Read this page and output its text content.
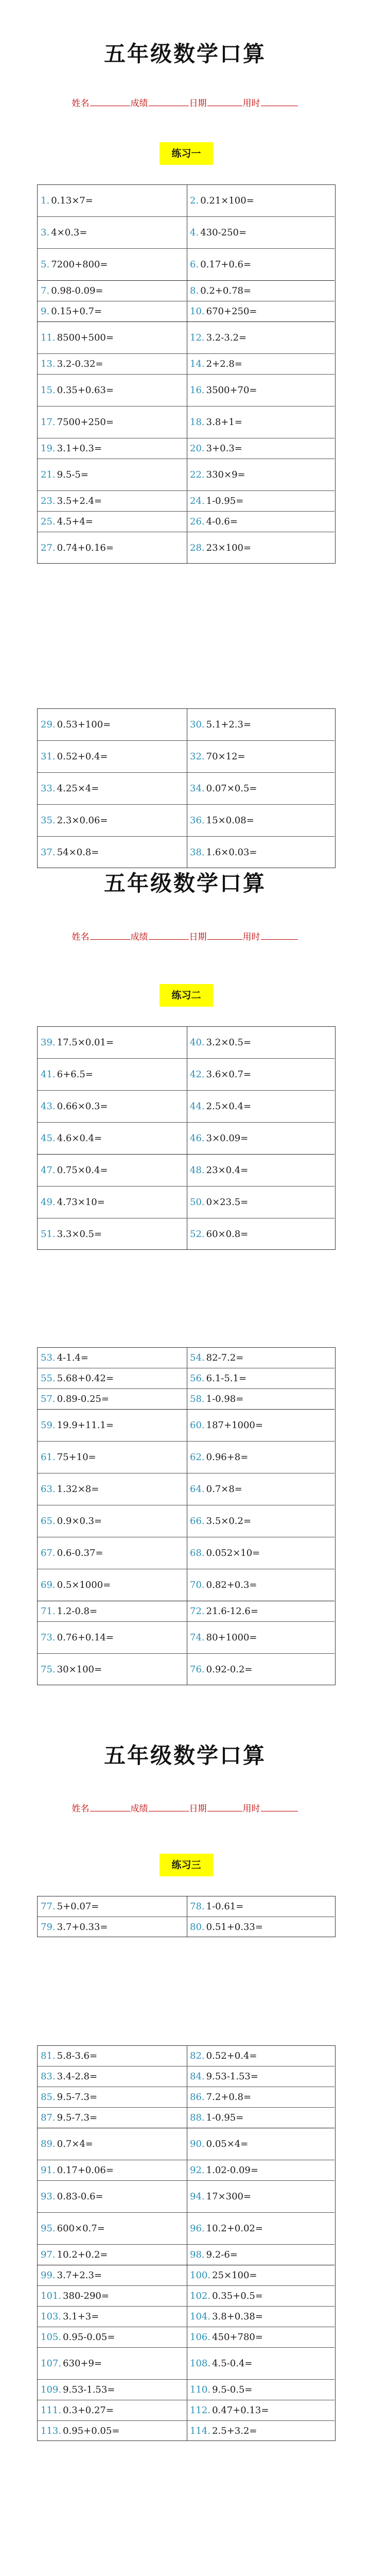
五年级数学口算
姓名	成绩	日期	用时
练习一
1. 0.13×7=	2. 0.21×100=
3. 4×0.3=	4. 430-250=
5. 7200+800=	6. 0.17+0.6=
7. 0.98-0.09=	8. 0.2+0.78=
9. 0.15+0.7=	10. 670+250=
11. 8500+500=	12. 3.2-3.2=
13. 3.2-0.32=	14. 2+2.8=
15. 0.35+0.63=	16. 3500+70=
17. 7500+250=	18. 3.8+1=
19. 3.1+0.3=	20. 3+0.3=
21. 9.5-5=	22. 330×9=
23. 3.5+2.4=	24. 1-0.95=
25. 4.5+4=	26. 4-0.6=
27. 0.74+0.16=	28. 23×100=
29. 0.53+100=	30. 5.1+2.3=
31. 0.52+0.4=	32. 70×12=
33. 4.25×4=	34. 0.07×0.5=
35. 2.3×0.06=	36. 15×0.08=
37. 54×0.8=	38. 1.6×0.03=
五年级数学口算
姓名	成绩	日期	用时
练习二
39. 17.5×0.01=	40. 3.2×0.5=
41. 6+6.5=	42. 3.6×0.7=
43. 0.66×0.3=	44. 2.5×0.4=
45. 4.6×0.4=	46. 3×0.09=
47. 0.75×0.4=	48. 23×0.4=
49. 4.73×10=	50. 0×23.5=
51. 3.3×0.5=	52. 60×0.8=
53. 4-1.4=	54. 82-7.2=
55. 5.68+0.42=	56. 6.1-5.1=
57. 0.89-0.25=	58. 1-0.98=
59. 19.9+11.1=	60. 187+1000=
61. 75+10=	62. 0.96+8=
63. 1.32×8=	64. 0.7×8=
65. 0.9×0.3=	66. 3.5×0.2=
67. 0.6-0.37=	68. 0.052×10=
69. 0.5×1000=	70. 0.82+0.3=
71. 1.2-0.8=	72. 21.6-12.6=
73. 0.76+0.14=	74. 80+1000=
75. 30×100=	76. 0.92-0.2=
五年级数学口算
姓名	成绩	日期	用时
练习三
77. 5+0.07=	78. 1-0.61=
79. 3.7+0.33=	80. 0.51+0.33=
81. 5.8-3.6=	82. 0.52+0.4=
83. 3.4-2.8=	84. 9.53-1.53=
85. 9.5-7.3=	86. 7.2+0.8=
87. 9.5-7.3=	88. 1-0.95=
89. 0.7×4=	90. 0.05×4=
91. 0.17+0.06=	92. 1.02-0.09=
93. 0.83-0.6=	94. 17×300=
95. 600×0.7=	96. 10.2+0.02=
97. 10.2+0.2=	98. 9.2-6=
99. 3.7+2.3=	100. 25×100=
101. 380-290=	102. 0.35+0.5=
103. 3.1+3=	104. 3.8+0.38=
105. 0.95-0.05=	106. 450+780=
107. 630+9=	108. 4.5-0.4=
109. 9.53-1.53=	110. 9.5-0.5=
111. 0.3+0.27=	112. 0.47+0.13=
113. 0.95+0.05=	114. 2.5+3.2=
